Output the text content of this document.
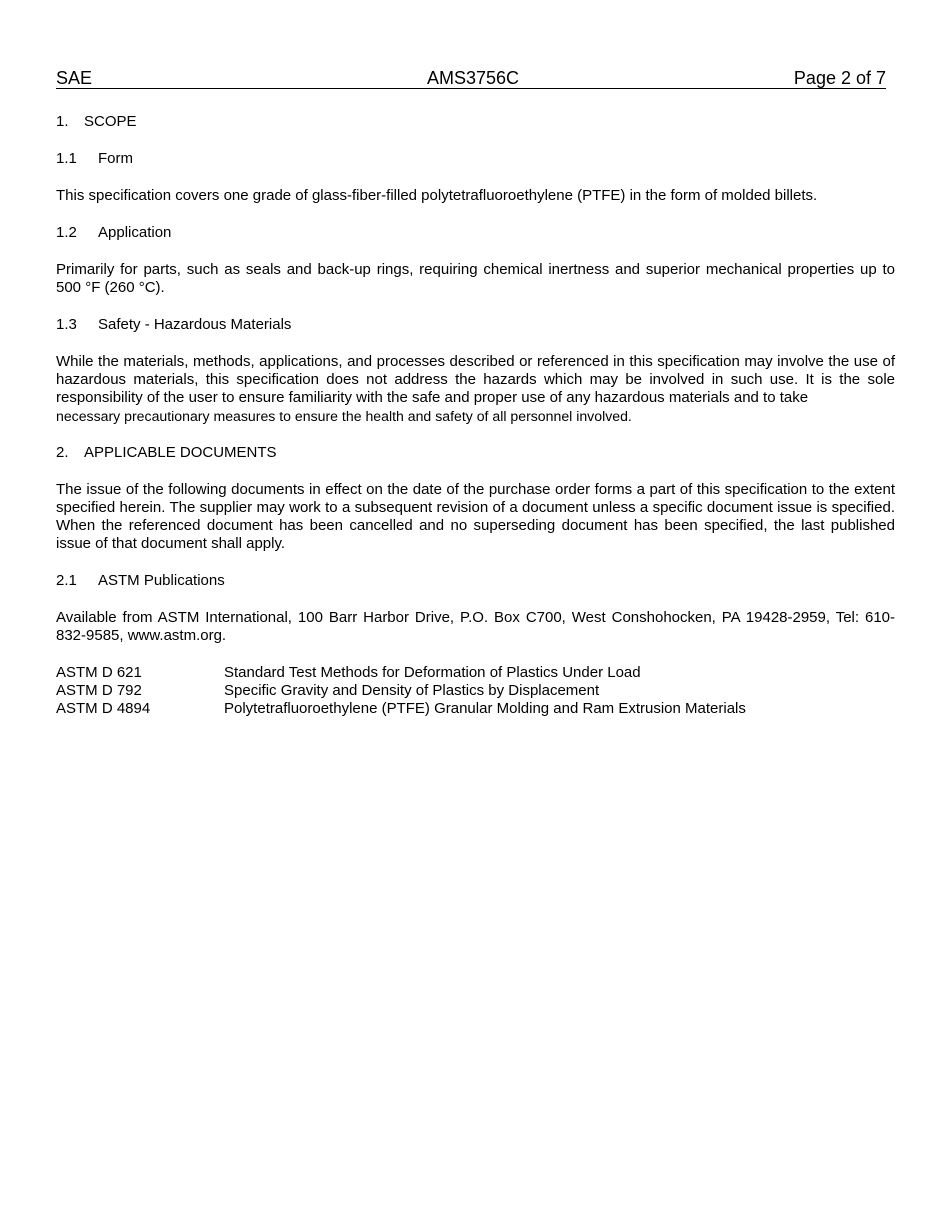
SAE	AMS3756C	Page 2 of 7
1.	SCOPE
1.1	Form

This specification covers one grade of glass-fiber-filled polytetrafluoroethylene (PTFE) in the form of molded billets.

1.2	Application

Primarily for parts, such as seals and back-up rings, requiring chemical inertness and superior mechanical properties up to 500 °F (260 °C).

1.3	Safety - Hazardous Materials

While the materials, methods, applications, and processes described or referenced in this specification may involve the use of hazardous materials, this specification does not address the hazards which may be involved in such use. It is the sole responsibility of the user to ensure familiarity with the safe and proper use of any hazardous materials and to take

necessary precautionary measures to ensure the health and safety of all personnel involved.

2.	APPLICABLE DOCUMENTS

The issue of the following documents in effect on the date of the purchase order forms a part of this specification to the extent specified herein. The supplier may work to a subsequent revision of a document unless a specific document issue is specified. When the referenced document has been cancelled and no superseding document has been specified, the last published issue of that document shall apply.

2.1	ASTM Publications

Available from ASTM International, 100 Barr Harbor Drive, P.O. Box C700, West Conshohocken, PA 19428-2959, Tel: 610-832-9585, www.astm.org.

ASTM D 621	Standard Test Methods for Deformation of Plastics Under Load
ASTM D 792	Specific Gravity and Density of Plastics by Displacement
ASTM D 4894	Polytetrafluoroethylene (PTFE) Granular Molding and Ram Extrusion Materials
